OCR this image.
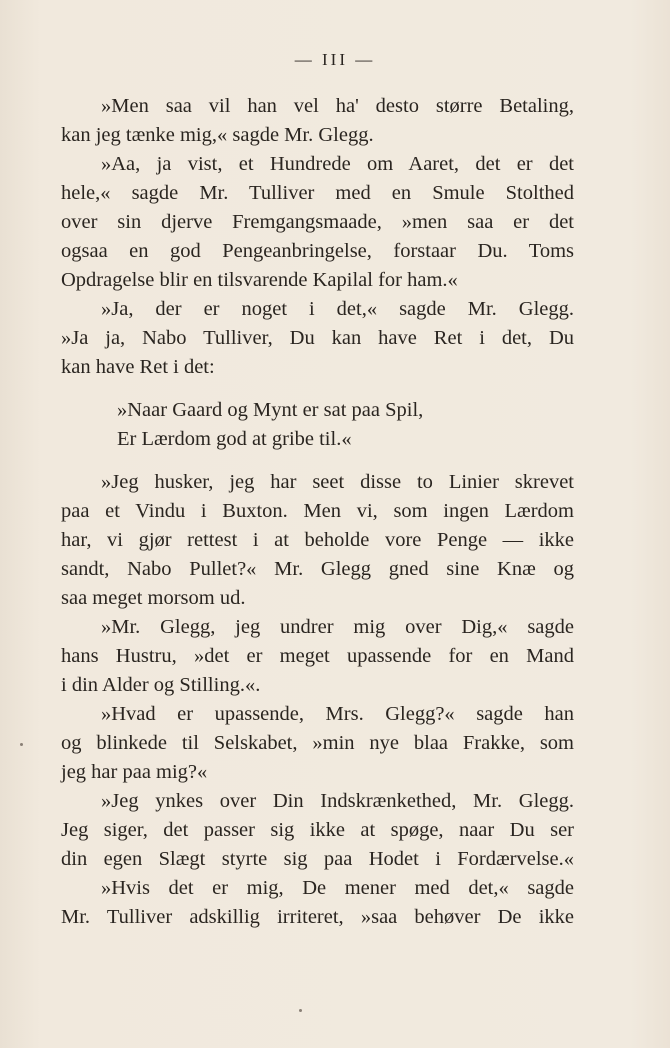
— III —
»Men saa vil han vel ha' desto større Betaling,
kan jeg tænke mig,« sagde Mr. Glegg.
»Aa, ja vist, et Hundrede om Aaret, det er det
hele,« sagde Mr. Tulliver med en Smule Stolthed
over sin djerve Fremgangsmaade, »men saa er det
ogsaa en god Pengeanbringelse, forstaar Du. Toms
Opdragelse blir en tilsvarende Kapilal for ham.«
»Ja, der er noget i det,« sagde Mr. Glegg.
»Ja ja, Nabo Tulliver, Du kan have Ret i det, Du
kan have Ret i det:
»Naar Gaard og Mynt er sat paa Spil,
Er Lærdom god at gribe til.«
»Jeg husker, jeg har seet disse to Linier skrevet
paa et Vindu i Buxton. Men vi, som ingen Lærdom
har, vi gjør rettest i at beholde vore Penge — ikke
sandt, Nabo Pullet?« Mr. Glegg gned sine Knæ og
saa meget morsom ud.
»Mr. Glegg, jeg undrer mig over Dig,« sagde
hans Hustru, »det er meget upassende for en Mand
i din Alder og Stilling.«.
»Hvad er upassende, Mrs. Glegg?« sagde han
og blinkede til Selskabet, »min nye blaa Frakke, som
jeg har paa mig?«
»Jeg ynkes over Din Indskrænkethed, Mr. Glegg.
Jeg siger, det passer sig ikke at spøge, naar Du ser
din egen Slægt styrte sig paa Hodet i Fordærvelse.«
»Hvis det er mig, De mener med det,« sagde
Mr. Tulliver adskillig irriteret, »saa behøver De ikke
